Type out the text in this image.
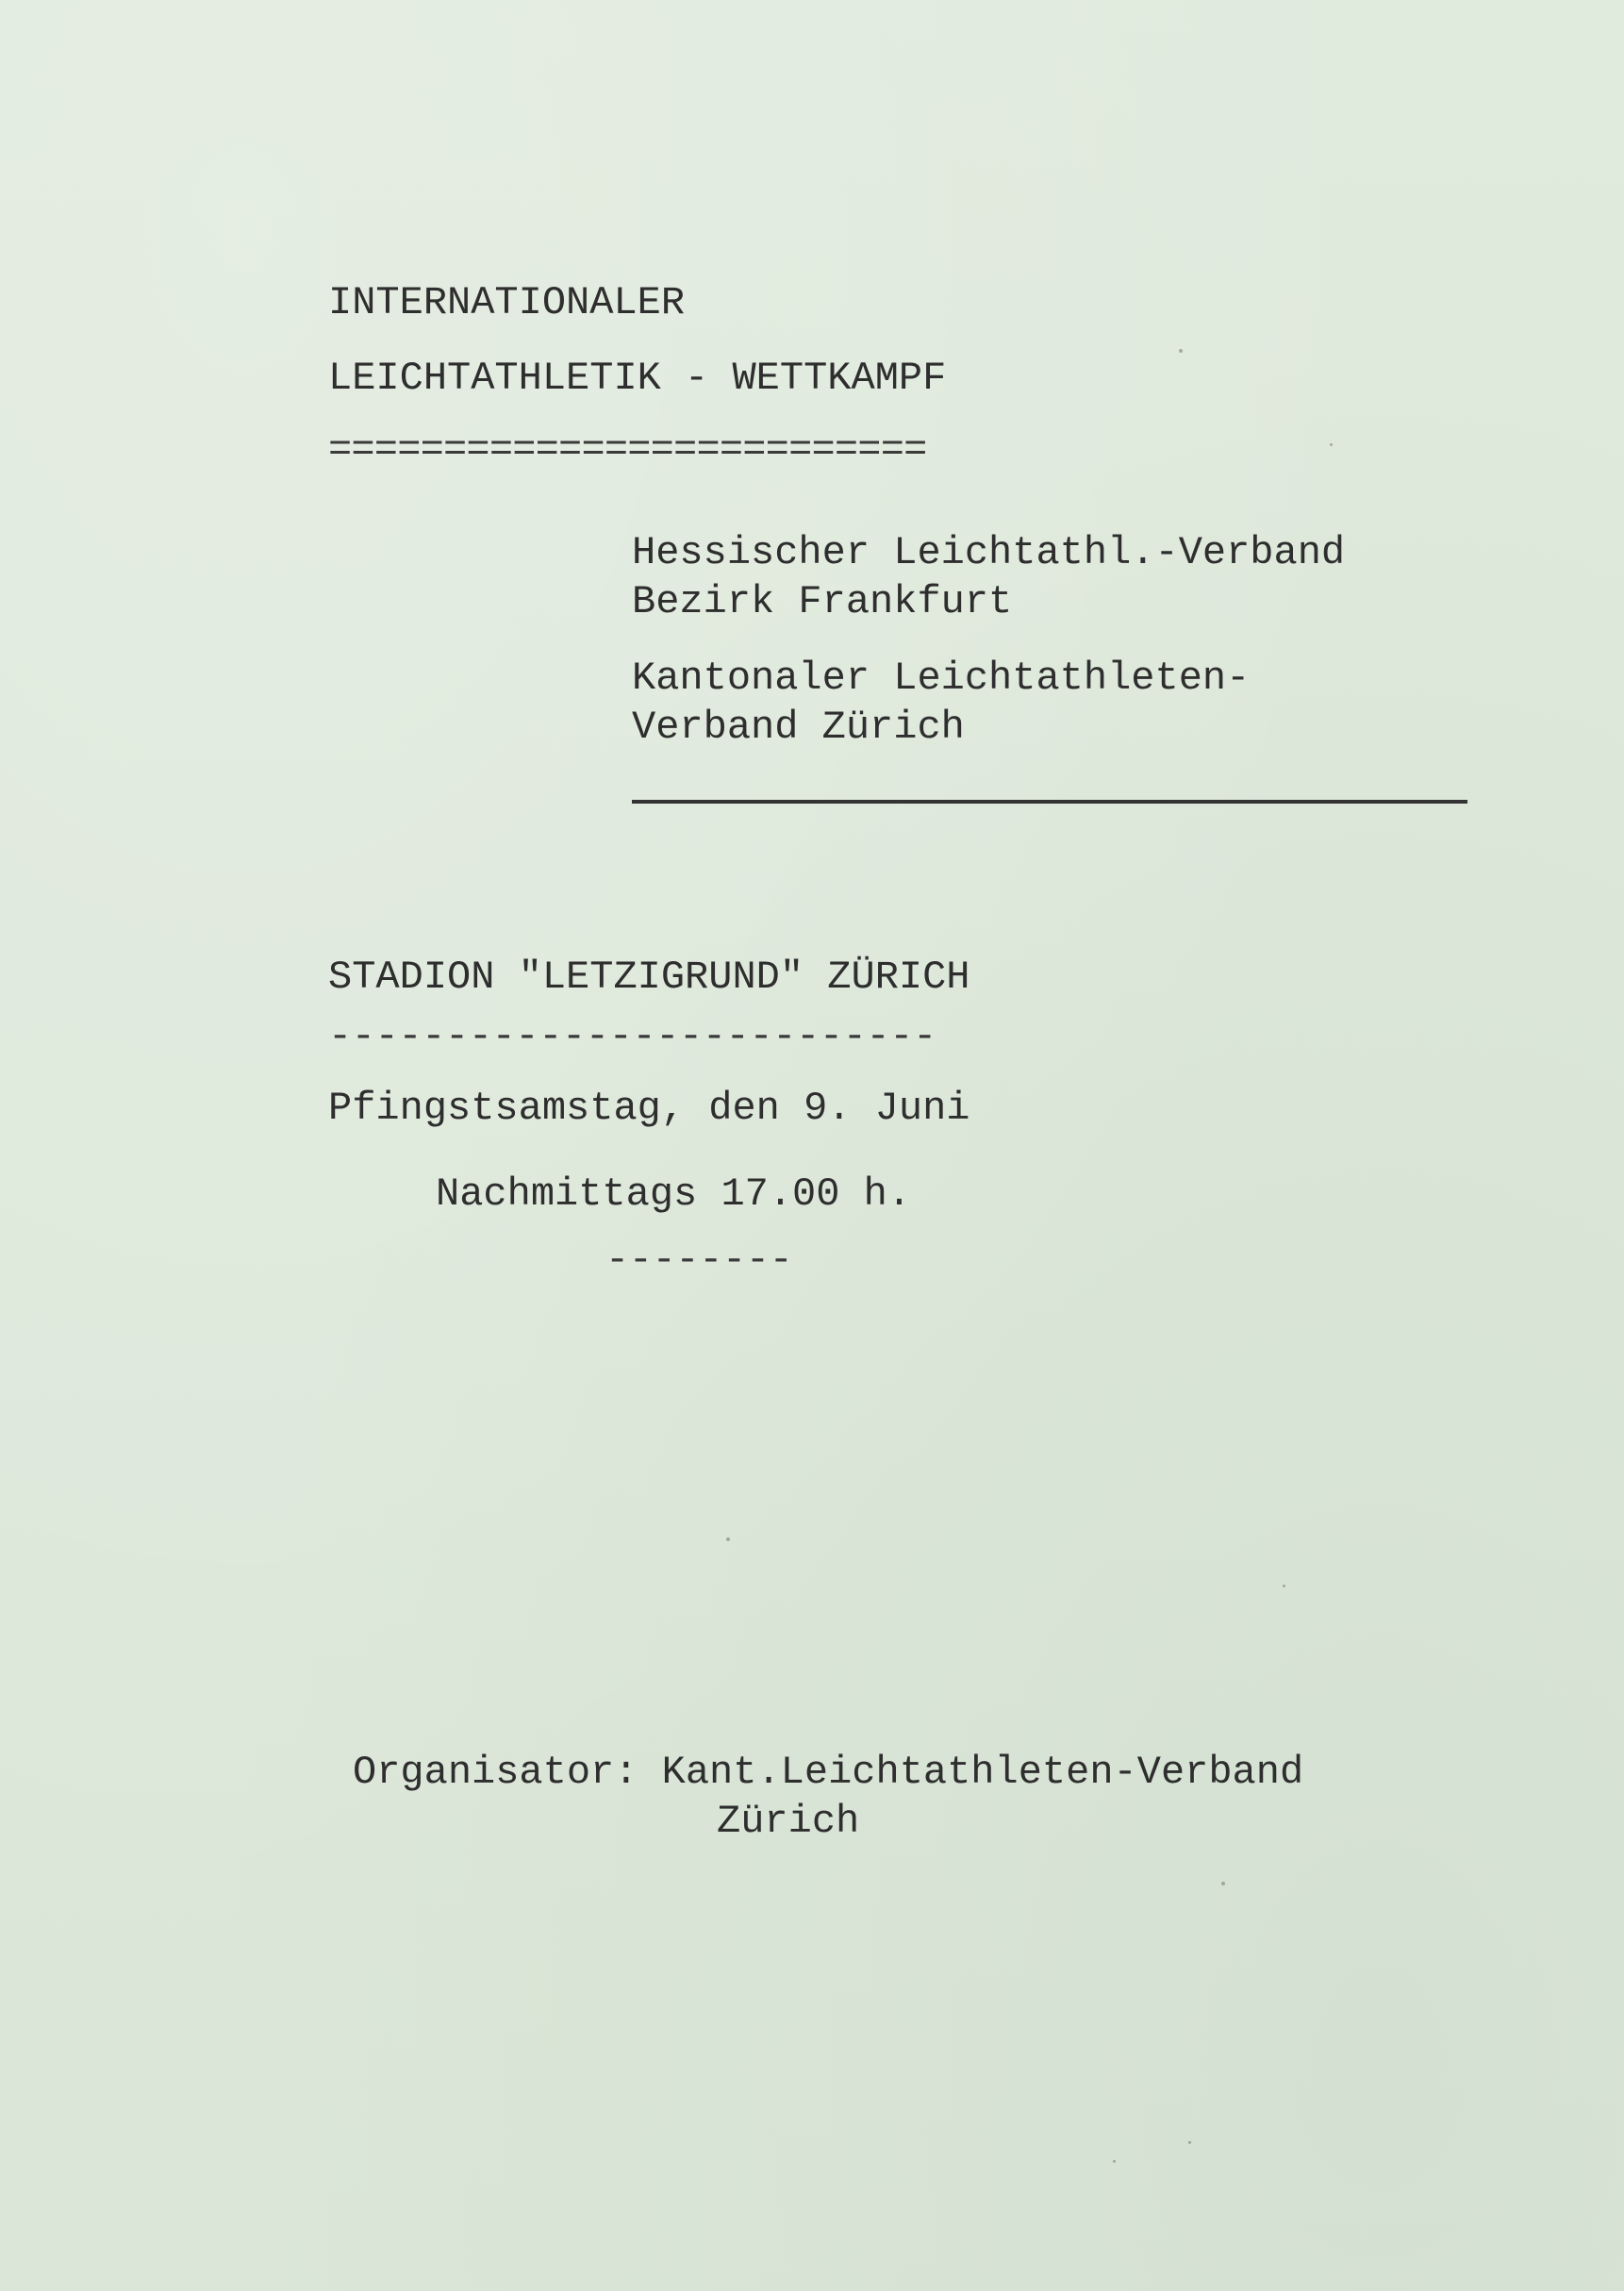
INTERNATIONALER

LEICHTATHLETIK - WETTKAMPF

==========================

Hessischer Leichtathl.-Verband

Bezirk Frankfurt

Kantonaler Leichtathleten-

Verband Zürich

STADION "LETZIGRUND" ZÜRICH

--------------------------

Pfingstsamstag, den 9. Juni

Nachmittags 17.00 h.

--------

Organisator: Kant.Leichtathleten-Verband

Zürich
